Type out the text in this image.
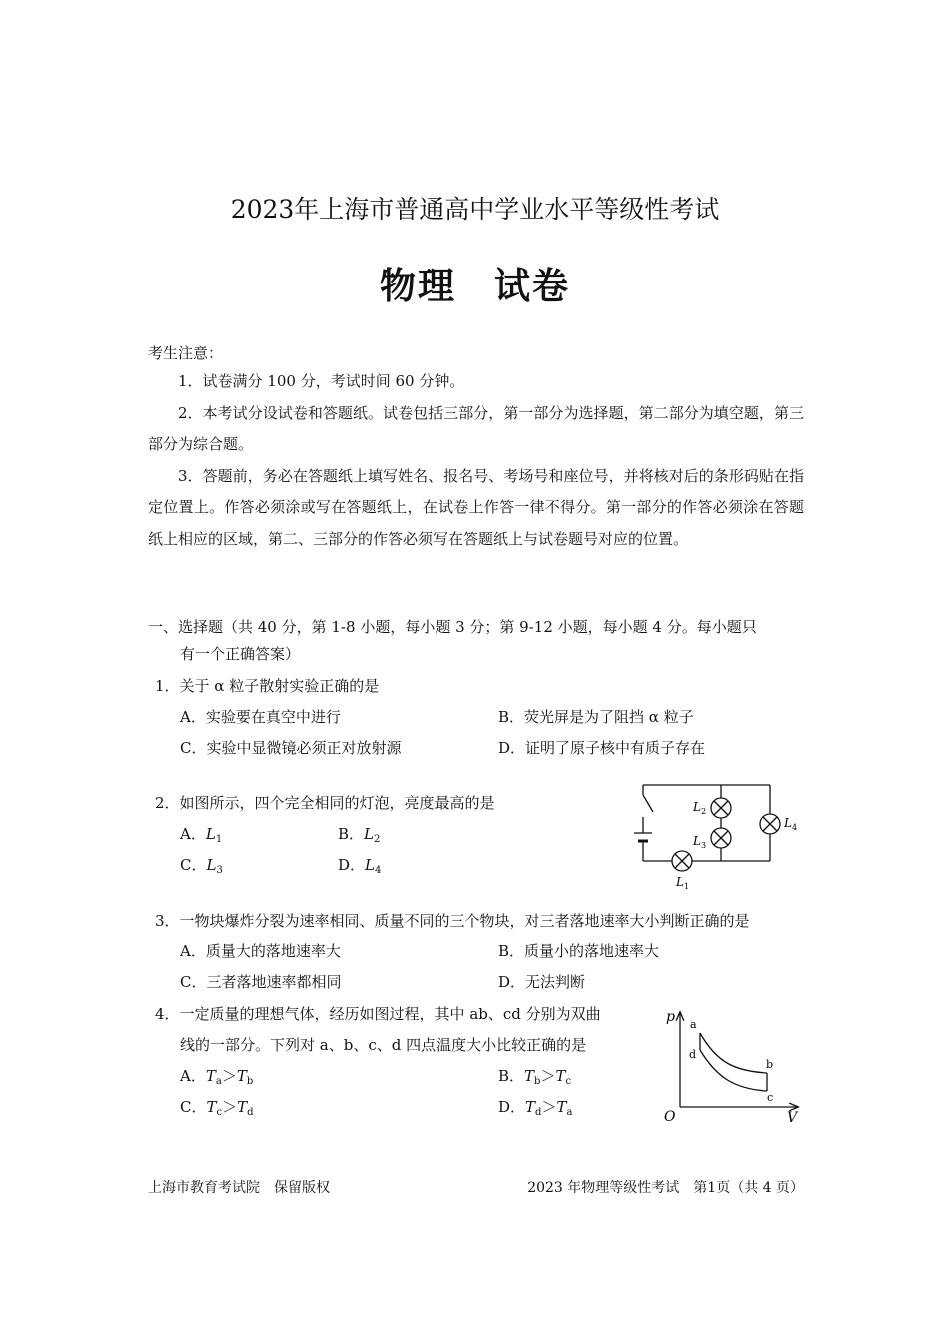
2023年上海市普通高中学业水平等级性考试
物理　试卷
考生注意：
1．试卷满分 100 分，考试时间 60 分钟。
2．本考试分设试卷和答题纸。试卷包括三部分，第一部分为选择题，第二部分为填空题，第三部分为综合题。
3．答题前，务必在答题纸上填写姓名、报名号、考场号和座位号，并将核对后的条形码贴在指定位置上。作答必须涂或写在答题纸上，在试卷上作答一律不得分。第一部分的作答必须涂在答题纸上相应的区域，第二、三部分的作答必须写在答题纸上与试卷题号对应的位置。
一、选择题（共 40 分，第 1-8 小题，每小题 3 分；第 9-12 小题，每小题 4 分。每小题只
有一个正确答案）
1．关于 α 粒子散射实验正确的是
A．实验要在真空中进行	B．荧光屏是为了阻挡 α 粒子
C．实验中显微镜必须正对放射源	D．证明了原子核中有质子存在
2．如图所示，四个完全相同的灯泡，亮度最高的是
A．$L_1$	B．$L_2$
C．$L_3$	D．$L_4$
$L_2$
$L_3$
$L_4$
$L_1$
3．一物块爆炸分裂为速率相同、质量不同的三个物块，对三者落地速率大小判断正确的是
A．质量大的落地速率大	B．质量小的落地速率大
C．三者落地速率都相同	D．无法判断
4．一定质量的理想气体，经历如图过程，其中 ab、cd 分别为双曲
线的一部分。下列对 a、b、c、d 四点温度大小比较正确的是
A．$T_a>T_b$	B．$T_b>T_c$
C．$T_c>T_d$	D．$T_d>T_a$
p
V
O
a
b
c
d
上海市教育考试院　保留版权	2023 年物理等级性考试　第1页（共 4 页）
